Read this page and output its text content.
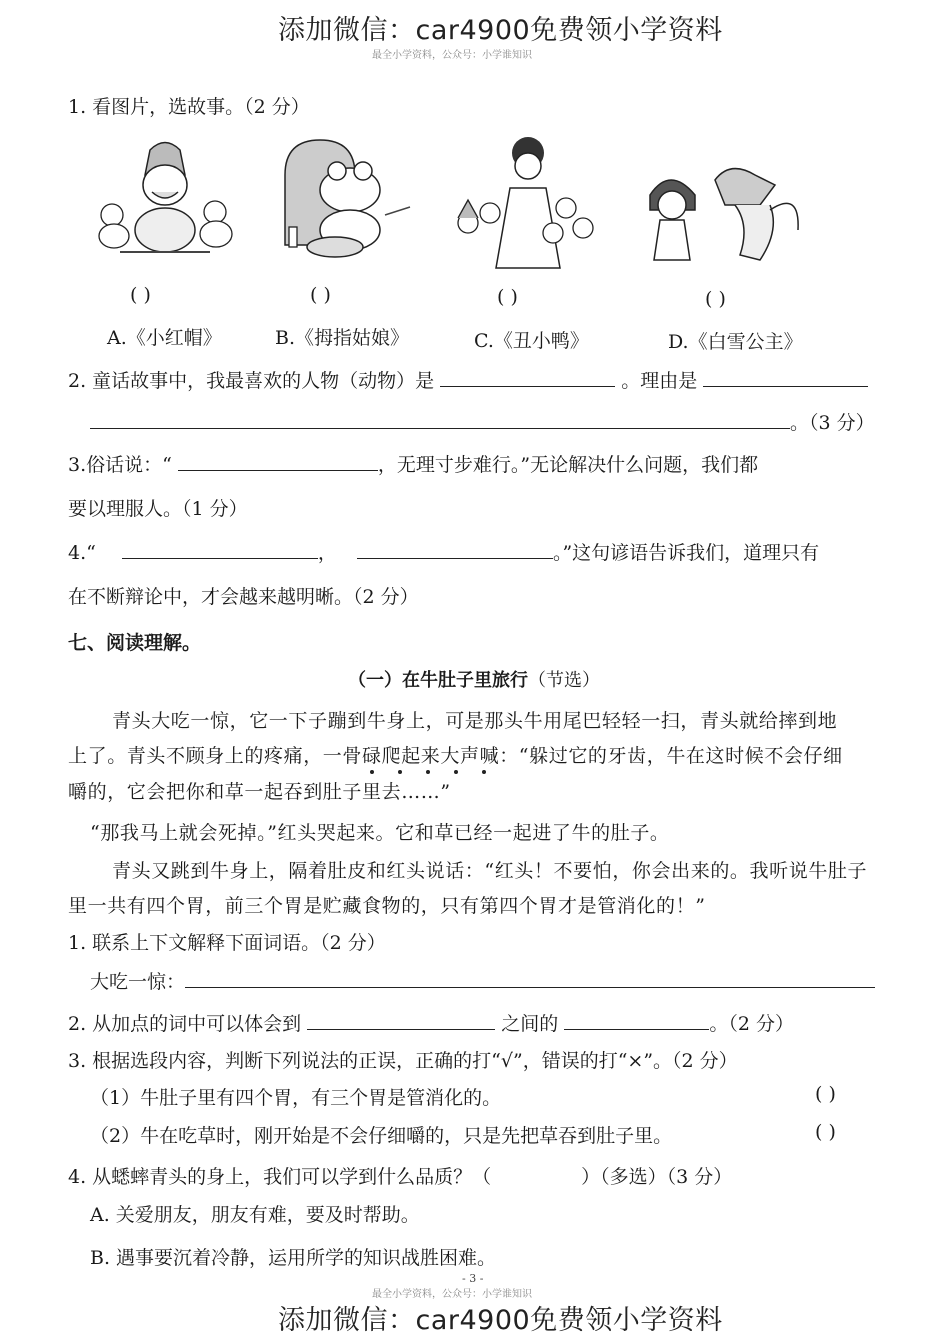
添加微信：car4900免费领小学资料
最全小学资料，公众号：小学谁知识
1. 看图片，选故事。（2 分）
( )	( )	( )	( )
A.《小红帽》	B.《拇指姑娘》	C.《丑小鸭》	D.《白雪公主》
2. 童话故事中，我最喜欢的人物（动物）是	。理由是
。（3 分）
3.俗话说：“	，无理寸步难行。”无论解决什么问题，我们都
要以理服人。（1 分）
4.“	，	。”这句谚语告诉我们，道理只有
在不断辩论中，才会越来越明晰。（2 分）
七、阅读理解。
（一）在牛肚子里旅行（节选）
青头大吃一惊，它一下子蹦到牛身上，可是那头牛用尾巴轻轻一扫，青头就给摔到地
上了。青头不顾身上的疼痛，一骨碌爬起来大声喊：“躲过它的牙齿，牛在这时候不会仔细
嚼的，它会把你和草一起吞到肚子里去……”
“那我马上就会死掉。”红头哭起来。它和草已经一起进了牛的肚子。
青头又跳到牛身上，隔着肚皮和红头说话：“红头！不要怕，你会出来的。我听说牛肚子
里一共有四个胃，前三个胃是贮藏食物的，只有第四个胃才是管消化的！”
1. 联系上下文解释下面词语。（2 分）
大吃一惊：
2. 从加点的词中可以体会到	之间的	。（2 分）
3. 根据选段内容，判断下列说法的正误，正确的打“√”，错误的打“×”。（2 分）
（1）牛肚子里有四个胃，有三个胃是管消化的。	( )
（2）牛在吃草时，刚开始是不会仔细嚼的，只是先把草吞到肚子里。	( )
4. 从蟋蟀青头的身上，我们可以学到什么品质？（	）（多选）（3 分）
A. 关爱朋友，朋友有难，要及时帮助。
B. 遇事要沉着冷静，运用所学的知识战胜困难。
- 3 -
最全小学资料，公众号：小学谁知识
添加微信：car4900免费领小学资料
